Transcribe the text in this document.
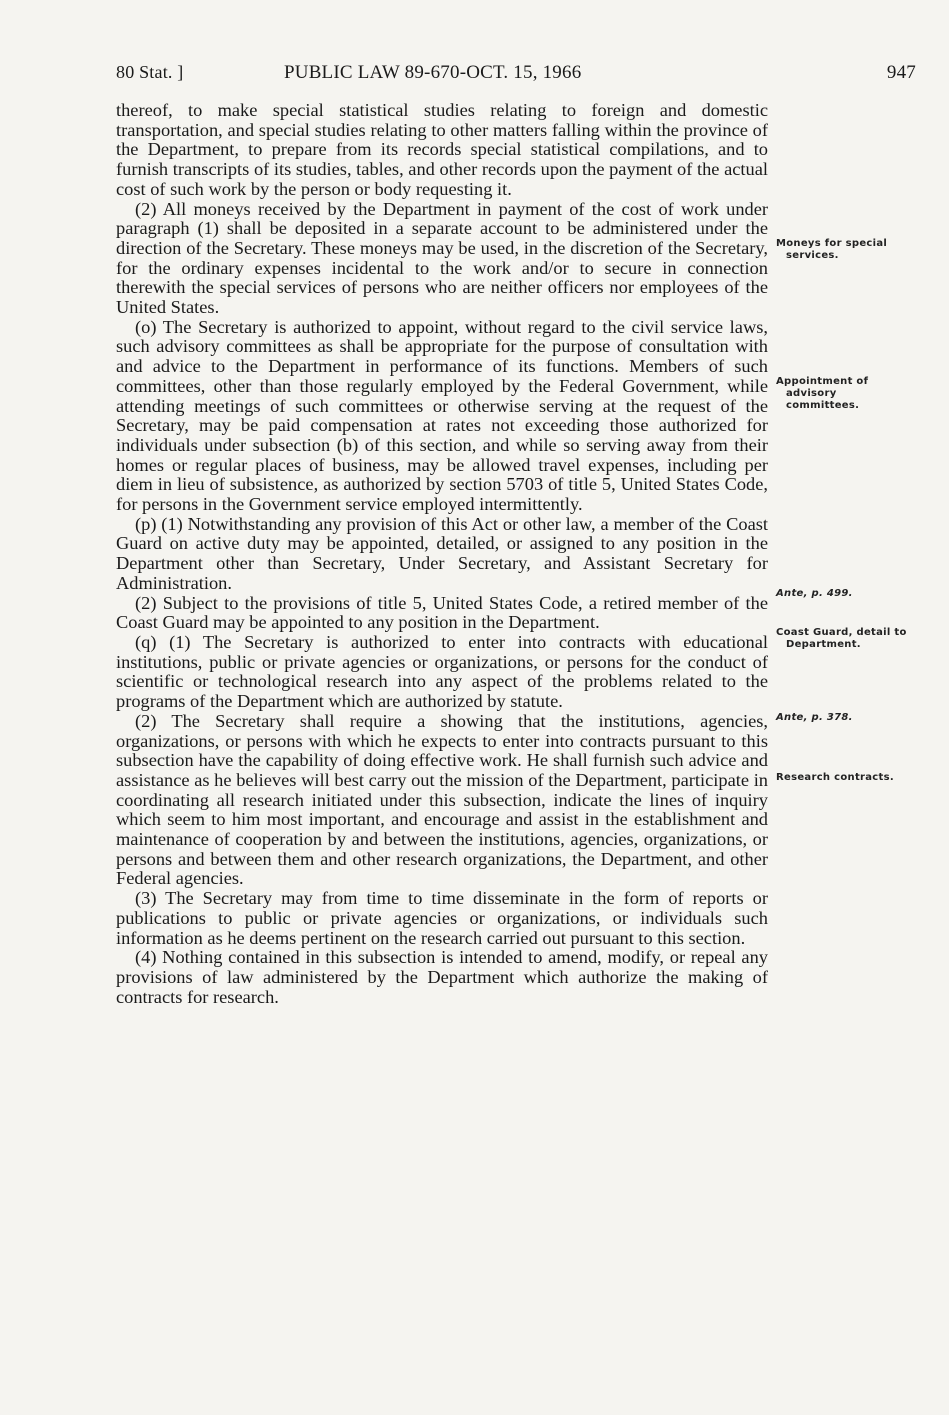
80 Stat. ]	PUBLIC LAW 89-670-OCT. 15, 1966	947

thereof, to make special statistical studies relating to foreign and domestic transportation, and special studies relating to other matters falling within the province of the Department, to prepare from its records special statistical compilations, and to furnish transcripts of its studies, tables, and other records upon the payment of the actual cost of such work by the person or body requesting it.

(2) All moneys received by the Department in payment of the cost of work under paragraph (1) shall be deposited in a separate account to be administered under the direction of the Secretary. These moneys may be used, in the discretion of the Secretary, for the ordinary expenses incidental to the work and/or to secure in connection therewith the special services of persons who are neither officers nor employees of the United States.

(o) The Secretary is authorized to appoint, without regard to the civil service laws, such advisory committees as shall be appropriate for the purpose of consultation with and advice to the Department in performance of its functions. Members of such committees, other than those regularly employed by the Federal Government, while attending meetings of such committees or otherwise serving at the request of the Secretary, may be paid compensation at rates not exceeding those authorized for individuals under subsection (b) of this section, and while so serving away from their homes or regular places of business, may be allowed travel expenses, including per diem in lieu of subsistence, as authorized by section 5703 of title 5, United States Code, for persons in the Government service employed intermittently.

(p) (1) Notwithstanding any provision of this Act or other law, a member of the Coast Guard on active duty may be appointed, detailed, or assigned to any position in the Department other than Secretary, Under Secretary, and Assistant Secretary for Administration.

(2) Subject to the provisions of title 5, United States Code, a retired member of the Coast Guard may be appointed to any position in the Department.

(q) (1) The Secretary is authorized to enter into contracts with educational institutions, public or private agencies or organizations, or persons for the conduct of scientific or technological research into any aspect of the problems related to the programs of the Department which are authorized by statute.

(2) The Secretary shall require a showing that the institutions, agencies, organizations, or persons with which he expects to enter into contracts pursuant to this subsection have the capability of doing effective work. He shall furnish such advice and assistance as he believes will best carry out the mission of the Department, participate in coordinating all research initiated under this subsection, indicate the lines of inquiry which seem to him most important, and encourage and assist in the establishment and maintenance of cooperation by and between the institutions, agencies, organizations, or persons and between them and other research organizations, the Department, and other Federal agencies.

(3) The Secretary may from time to time disseminate in the form of reports or publications to public or private agencies or organizations, or individuals such information as he deems pertinent on the research carried out pursuant to this section.

(4) Nothing contained in this subsection is intended to amend, modify, or repeal any provisions of law administered by the Department which authorize the making of contracts for research.

Moneys for special services.
Appointment of advisory committees.
Ante, p. 499.
Coast Guard, detail to Department.
Ante, p. 378.
Research contracts.
